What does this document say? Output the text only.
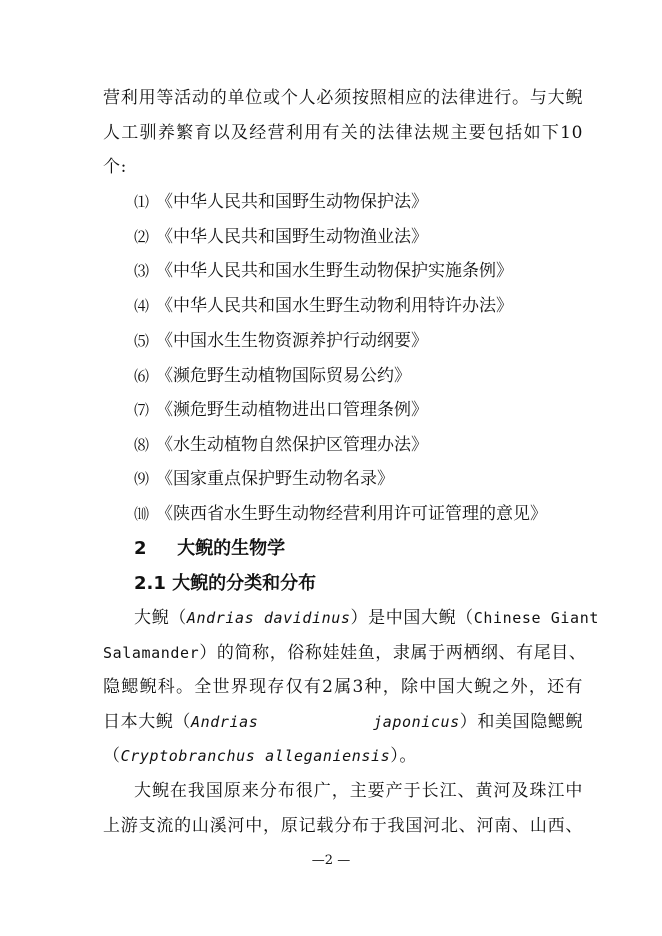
营利用等活动的单位或个人必须按照相应的法律进行。与大鲵
人工驯养繁育以及经营利用有关的法律法规主要包括如下10
个:
⑴ 《中华人民共和国野生动物保护法》
⑵ 《中华人民共和国野生动物渔业法》
⑶ 《中华人民共和国水生野生动物保护实施条例》
⑷ 《中华人民共和国水生野生动物利用特许办法》
⑸ 《中国水生生物资源养护行动纲要》
⑹ 《濒危野生动植物国际贸易公约》
⑺ 《濒危野生动植物进出口管理条例》
⑻ 《水生动植物自然保护区管理办法》
⑼ 《国家重点保护野生动物名录》
⑽ 《陕西省水生野生动物经营利用许可证管理的意见》
2 大鲵的生物学
2.1 大鲵的分类和分布
大鲵（Andrias davidinus）是中国大鲵（ Chinese Giant
Salamander）的简称，俗称娃娃鱼，隶属于两栖纲、有尾目、
隐鳃鲵科。全世界现存仅有2属3种，除中国大鲵之外，还有
日本大鲵（Andrias	japonicus）和美国隐鳃鲵
（Cryptobranchus alleganiensis）。
大鲵在我国原来分布很广，主要产于长江、黄河及珠江中
上游支流的山溪河中，原记载分布于我国河北、河南、山西、
—2 —
